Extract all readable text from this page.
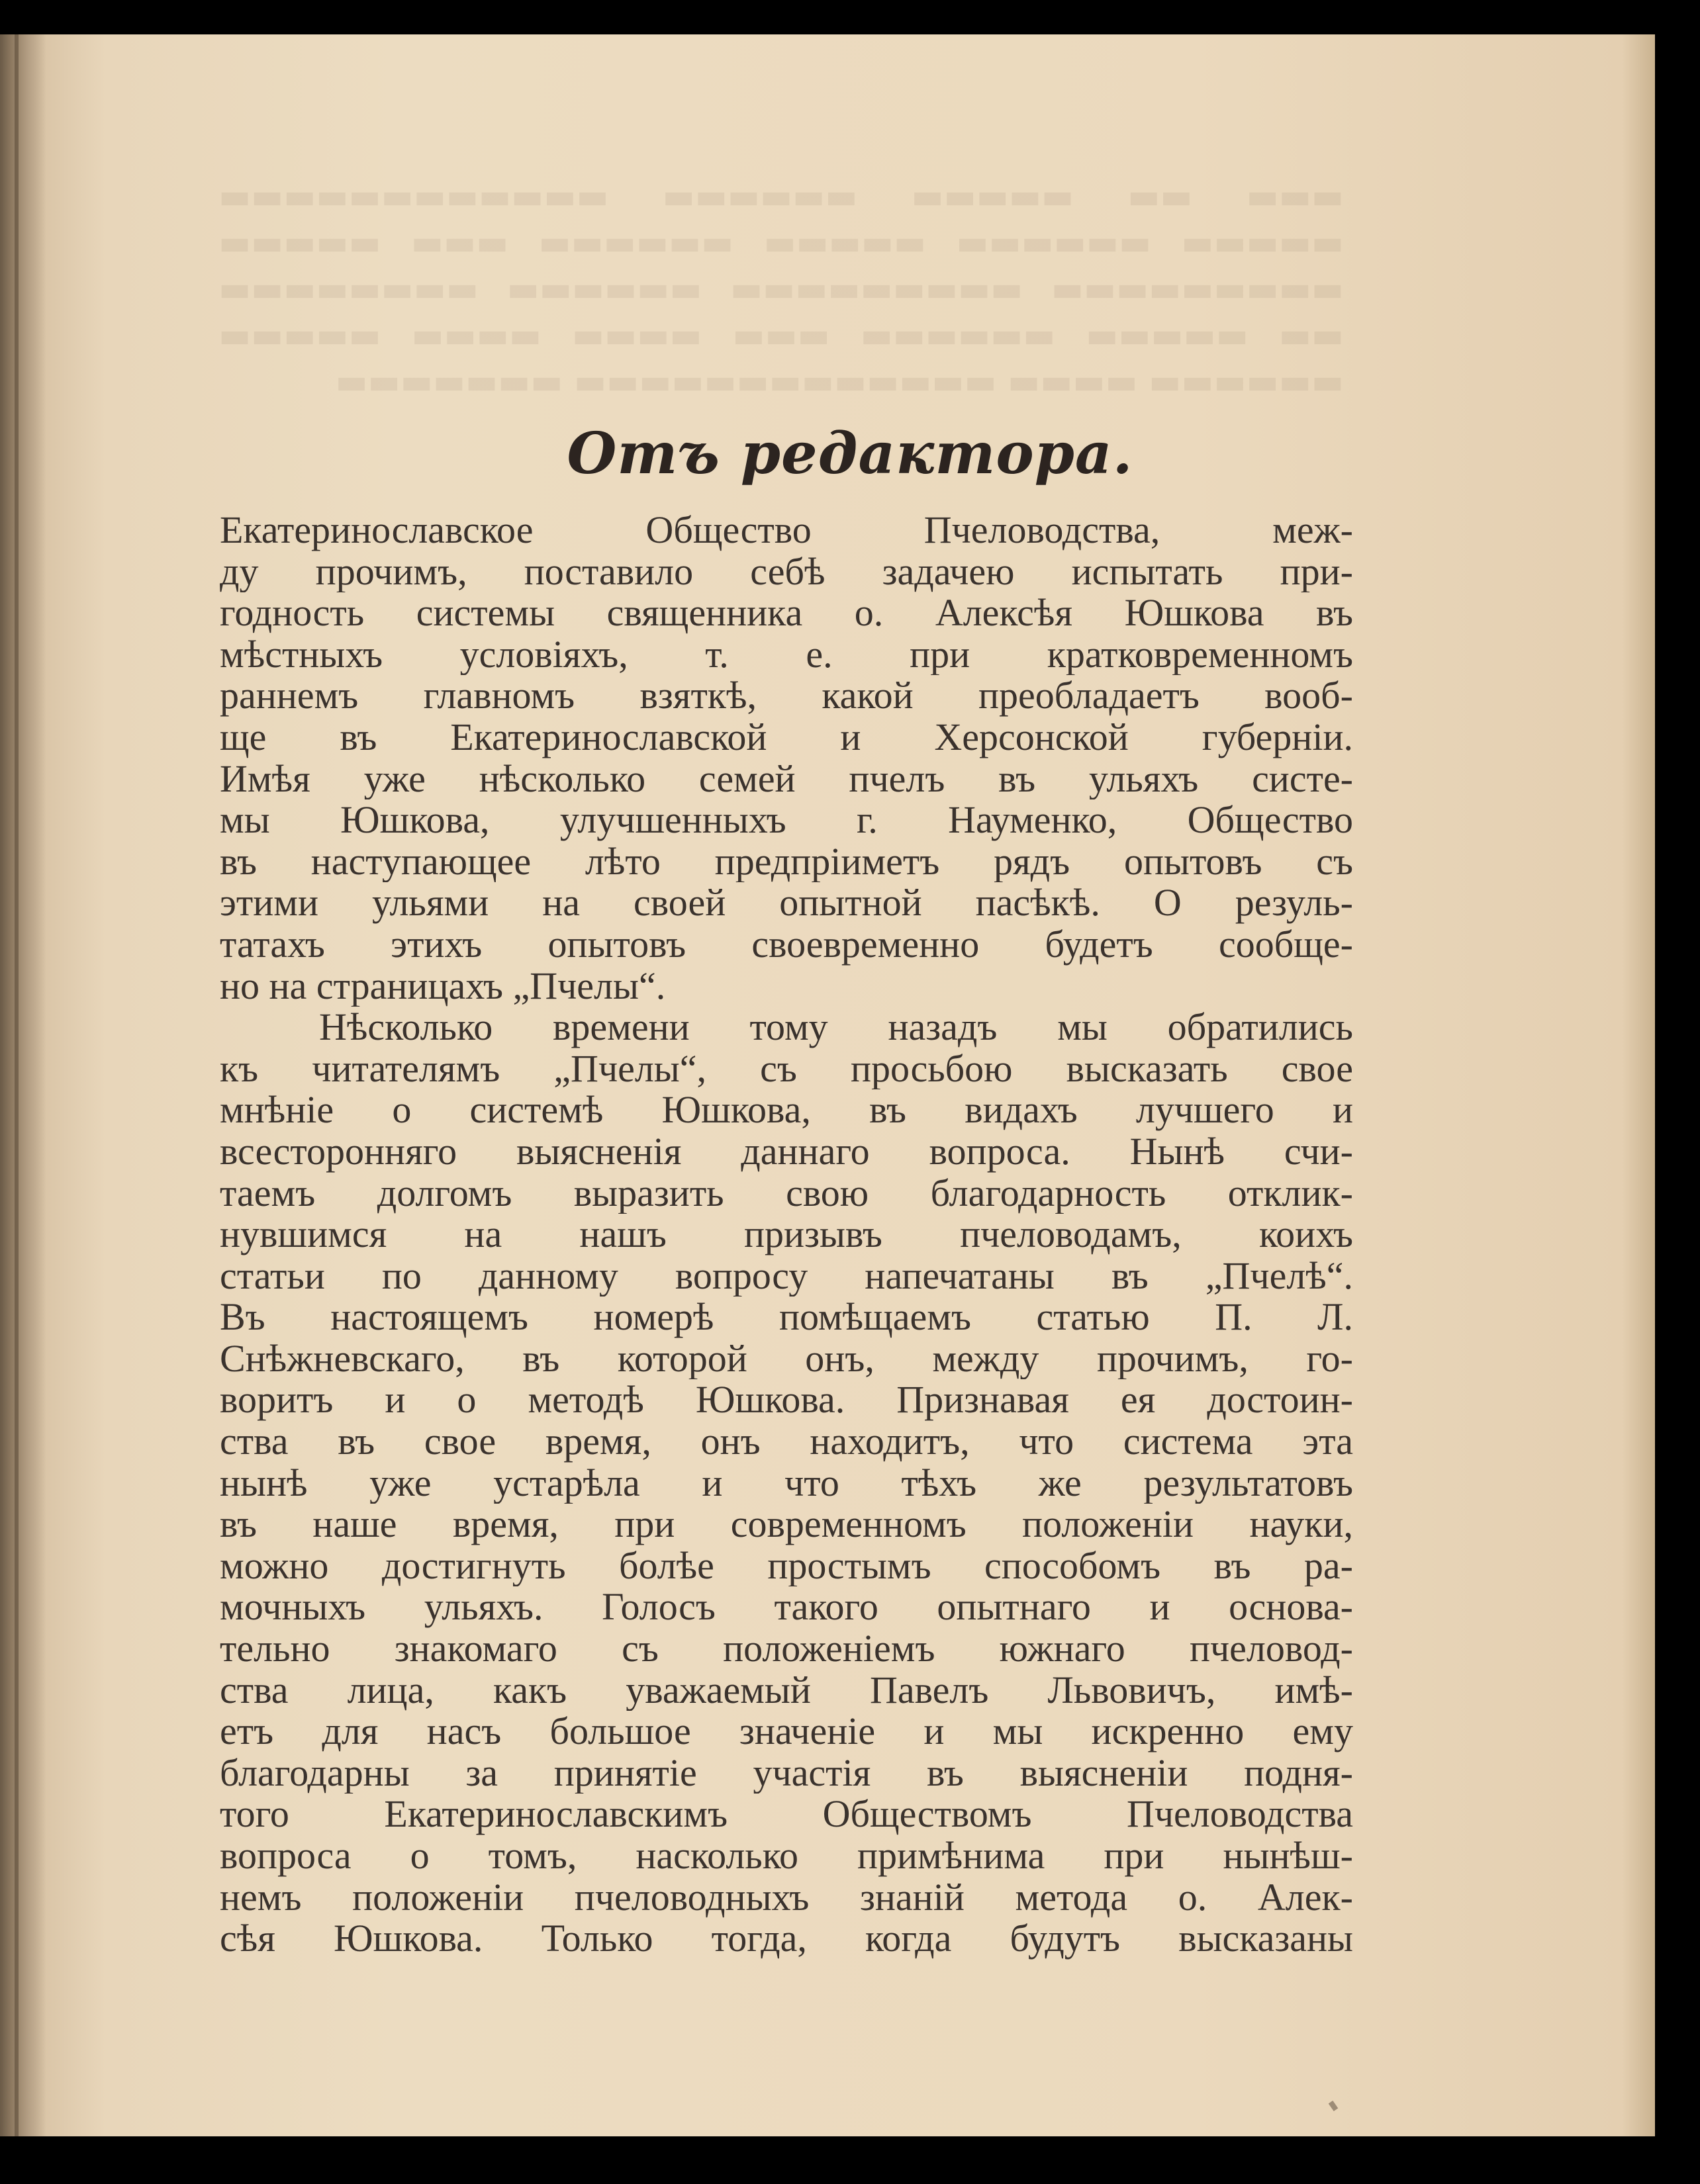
▬▬▬ ▬▬ ▬▬▬▬▬ ▬▬▬▬▬▬ ▬▬▬▬▬▬▬▬▬▬▬▬ ▬▬▬▬▬ ▬▬▬▬▬▬ ▬▬▬▬▬ ▬▬▬▬▬▬ ▬▬▬ ▬▬▬▬▬ ▬▬▬▬▬▬▬▬▬ ▬▬▬▬▬▬▬▬▬ ▬▬▬▬▬▬ ▬▬▬▬▬▬▬▬ ▬▬ ▬▬▬▬▬ ▬▬▬▬▬▬ ▬▬▬ ▬▬▬▬ ▬▬▬▬ ▬▬▬▬▬ ▬▬▬▬▬▬ ▬▬▬▬ ▬▬▬▬▬▬▬▬▬▬▬▬▬ ▬▬▬▬▬▬▬
Отъ редактора.
Екатеринославское Общество Пчеловодства, меж-
ду прочимъ, поставило себѣ задачею испытать при-
годность системы священника о. Алексѣя Юшкова въ
мѣстныхъ условіяхъ, т. е. при кратковременномъ
раннемъ главномъ взяткѣ, какой преобладаетъ вооб-
ще въ Екатеринославской и Херсонской губерніи.
Имѣя уже нѣсколько семей пчелъ въ ульяхъ систе-
мы Юшкова, улучшенныхъ г. Науменко, Общество
въ наступающее лѣто предпріиметъ рядъ опытовъ съ
этими ульями на своей опытной пасѣкѣ. О резуль-
татахъ этихъ опытовъ своевременно будетъ сообще-
но на страницахъ „Пчелы“.
Нѣсколько времени тому назадъ мы обратились
къ читателямъ „Пчелы“, съ просьбою высказать свое
мнѣніе о системѣ Юшкова, въ видахъ лучшего и
всесторонняго выясненія даннаго вопроса. Нынѣ счи-
таемъ долгомъ выразить свою благодарность отклик-
нувшимся на нашъ призывъ пчеловодамъ, коихъ
статьи по данному вопросу напечатаны въ „Пчелѣ“.
Въ настоящемъ номерѣ помѣщаемъ статью П. Л.
Снѣжневскаго, въ которой онъ, между прочимъ, го-
воритъ и о методѣ Юшкова. Признавая ея достоин-
ства въ свое время, онъ находитъ, что система эта
нынѣ уже устарѣла и что тѣхъ же результатовъ
въ наше время, при современномъ положеніи науки,
можно достигнуть болѣе простымъ способомъ въ ра-
мочныхъ ульяхъ. Голосъ такого опытнаго и основа-
тельно знакомаго съ положеніемъ южнаго пчеловод-
ства лица, какъ уважаемый Павелъ Львовичъ, имѣ-
етъ для насъ большое значеніе и мы искренно ему
благодарны за принятіе участія въ выясненіи подня-
того Екатеринославскимъ Обществомъ Пчеловодства
вопроса о томъ, насколько примѣнима при нынѣш-
немъ положеніи пчеловодныхъ знаній метода о. Алек-
сѣя Юшкова. Только тогда, когда будутъ высказаны
